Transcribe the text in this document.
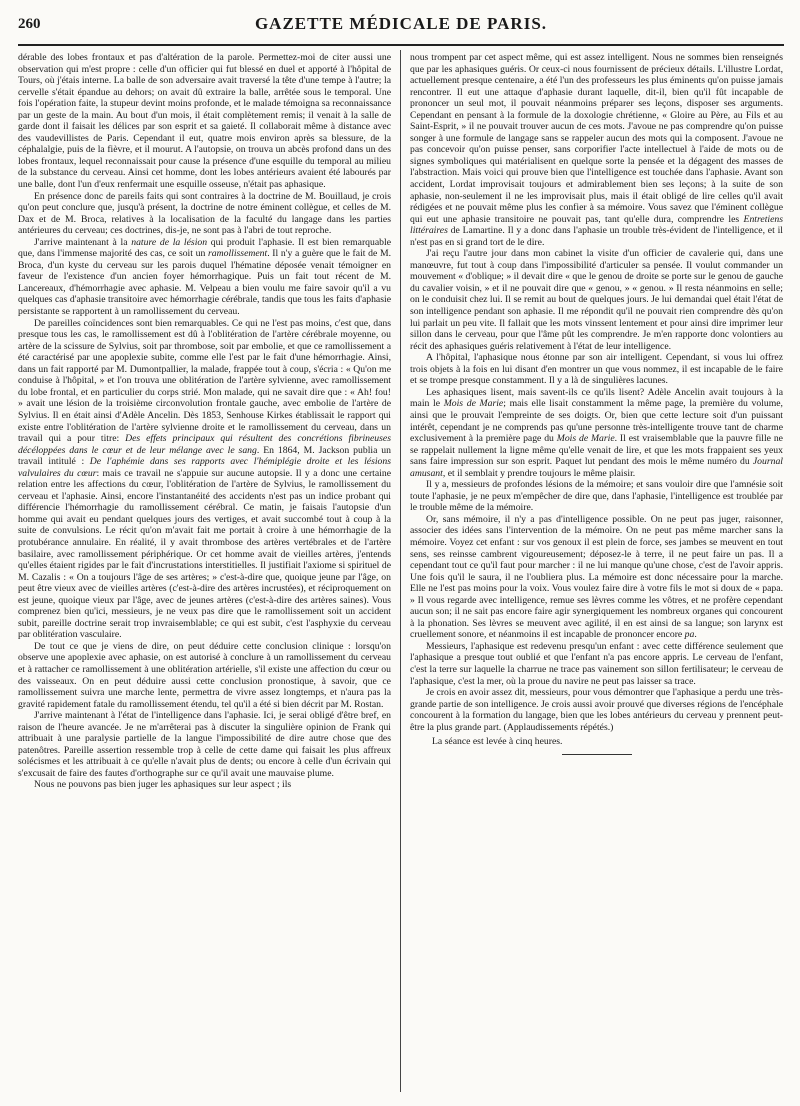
260	GAZETTE MÉDICALE DE PARIS.

dérable des lobes frontaux et pas d'altération de la parole. Permettez-moi de citer aussi une observation qui m'est propre : celle d'un officier qui fut blessé en duel et apporté à l'hôpital de Tours, où j'étais interne. La balle de son adversaire avait traversé la tête d'une tempe à l'autre; la cervelle s'était épandue au dehors; on avait dû extraire la balle, arrêtée sous le temporal. Une fois l'opération faite, la stupeur devint moins profonde, et le malade témoigna sa reconnaissance par un geste de la main. Au bout d'un mois, il était complètement remis; il venait à la salle de garde dont il faisait les délices par son esprit et sa gaieté. Il collaborait même à distance avec des vaudevillistes de Paris. Cependant il eut, quatre mois environ après sa blessure, de la céphalalgie, puis de la fièvre, et il mourut. A l'autopsie, on trouva un abcès profond dans un des lobes frontaux, lequel reconnaissait pour cause la présence d'une esquille du temporal au milieu de la substance du cerveau. Ainsi cet homme, dont les lobes antérieurs avaient été labourés par une balle, dont l'un d'eux renfermait une esquille osseuse, n'était pas aphasique.

En présence donc de pareils faits qui sont contraires à la doctrine de M. Bouillaud, je crois qu'on peut conclure que, jusqu'à présent, la doctrine de notre éminent collègue, et celles de M. Dax et de M. Broca, relatives à la localisation de la faculté du langage dans les parties antérieures du cerveau; ces doctrines, dis-je, ne sont pas à l'abri de tout reproche.

J'arrive maintenant à la nature de la lésion qui produit l'aphasie. Il est bien remarquable que, dans l'immense majorité des cas, ce soit un ramollissement. Il n'y a guère que le fait de M. Broca, d'un kyste du cerveau sur les parois duquel l'hématine déposée venait témoigner en faveur de l'existence d'un ancien foyer hémorrhagique. Puis un fait tout récent de M. Lancereaux, d'hémorrhagie avec aphasie. M. Velpeau a bien voulu me faire savoir qu'il a vu quelques cas d'aphasie transitoire avec hémorrhagie cérébrale, tandis que tous les faits d'aphasie persistante se rapportent à un ramollissement du cerveau.

De pareilles coïncidences sont bien remarquables. Ce qui ne l'est pas moins, c'est que, dans presque tous les cas, le ramollissement est dû à l'oblitération de l'artère cérébrale moyenne, ou artère de la scissure de Sylvius, soit par thrombose, soit par embolie, et que ce ramollissement a été caractérisé par une apoplexie subite, comme elle l'est par le fait d'une hémorrhagie. Ainsi, dans un fait rapporté par M. Dumontpallier, la malade, frappée tout à coup, s'écria : « Qu'on me conduise à l'hôpital, » et l'on trouva une oblitération de l'artère sylvienne, avec ramollissement du lobe frontal, et en particulier du corps strié. Mon malade, qui ne savait dire que : « Ah! fou! » avait une lésion de la troisième circonvolution frontale gauche, avec embolie de l'artère de Sylvius. Il en était ainsi d'Adèle Ancelin. Dès 1853, Senhouse Kirkes établissait le rapport qui existe entre l'oblitération de l'artère sylvienne droite et le ramollissement du cerveau, dans un travail qui a pour titre: Des effets principaux qui résultent des concrétions fibrineuses décéloppées dans le cœur et de leur mélange avec le sang. En 1864, M. Jackson publia un travail intitulé : De l'aphémie dans ses rapports avec l'hémiplégie droite et les lésions valvulaires du cœur: mais ce travail ne s'appuie sur aucune autopsie. Il y a donc une certaine relation entre les affections du cœur, l'oblitération de l'artère de Sylvius, le ramollissement du cerveau et l'aphasie. Ainsi, encore l'instantanéité des accidents n'est pas un indice probant qui différencie l'hémorrhagie du ramollissement cérébral. Ce matin, je faisais l'autopsie d'un homme qui avait eu pendant quelques jours des vertiges, et avait succombé tout à coup à la suite de convulsions. Le récit qu'on m'avait fait me portait à croire à une hémorrhagie de la protubérance annulaire. En réalité, il y avait thrombose des artères vertébrales et de l'artère basilaire, avec ramollissement périphérique. Or cet homme avait de vieilles artères, j'entends qu'elles étaient rigides par le fait d'incrustations interstitielles. Il justifiait l'axiome si spirituel de M. Cazalis : « On a toujours l'âge de ses artères; » c'est-à-dire que, quoique jeune par l'âge, on peut être vieux avec de vieilles artères (c'est-à-dire des artères incrustées), et réciproquement on est jeune, quoique vieux par l'âge, avec de jeunes artères (c'est-à-dire des artères saines). Vous comprenez bien qu'ici, messieurs, je ne veux pas dire que le ramollissement soit un accident subit, pareille doctrine serait trop invraisemblable; ce qui est subit, c'est l'asphyxie du cerveau par oblitération vasculaire.

De tout ce que je viens de dire, on peut déduire cette conclusion clinique : lorsqu'on observe une apoplexie avec aphasie, on est autorisé à conclure à un ramollissement du cerveau et à rattacher ce ramollissement à une oblitération artérielle, s'il existe une affection du cœur ou des vaisseaux. On en peut déduire aussi cette conclusion pronostique, à savoir, que ce ramollissement suivra une marche lente, permettra de vivre assez longtemps, et n'aura pas la gravité rapidement fatale du ramollissement étendu, tel qu'il a été si bien décrit par M. Rostan.

J'arrive maintenant à l'état de l'intelligence dans l'aphasie. Ici, je serai obligé d'être bref, en raison de l'heure avancée. Je ne m'arrêterai pas à discuter la singulière opinion de Frank qui attribuait à une paralysie partielle de la langue l'impossibilité de dire autre chose que des patenôtres. Pareille assertion ressemble trop à celle de cette dame qui faisait les plus affreux solécismes et les attribuait à ce qu'elle n'avait plus de dents; ou encore à celle d'un écrivain qui s'excusait de faire des fautes d'orthographe sur ce qu'il avait une mauvaise plume.

Nous ne pouvons pas bien juger les aphasiques sur leur aspect ; ils

nous trompent par cet aspect même, qui est assez intelligent. Nous ne sommes bien renseignés que par les aphasiques guéris. Or ceux-ci nous fournissent de précieux détails. L'illustre Lordat, actuellement presque centenaire, a été l'un des professeurs les plus éminents qu'on puisse jamais rencontrer. Il eut une attaque d'aphasie durant laquelle, dit-il, bien qu'il fût incapable de prononcer un seul mot, il pouvait néanmoins préparer ses leçons, disposer ses arguments. Cependant en pensant à la formule de la doxologie chrétienne, « Gloire au Père, au Fils et au Saint-Esprit, » il ne pouvait trouver aucun de ces mots. J'avoue ne pas comprendre qu'on puisse songer à une formule de langage sans se rappeler aucun des mots qui la composent. J'avoue ne pas concevoir qu'on puisse penser, sans corporifier l'acte intellectuel à l'aide de mots ou de signes symboliques qui matérialisent en quelque sorte la pensée et la dégagent des masses de l'abstraction. Mais voici qui prouve bien que l'intelligence est touchée dans l'aphasie. Avant son accident, Lordat improvisait toujours et admirablement bien ses leçons; à la suite de son aphasie, non-seulement il ne les improvisait plus, mais il était obligé de lire celles qu'il avait rédigées et ne pouvait même plus les confier à sa mémoire. Vous savez que l'éminent collègue qui eut une aphasie transitoire ne pouvait pas, tant qu'elle dura, comprendre les Entretiens littéraires de Lamartine. Il y a donc dans l'aphasie un trouble très-évident de l'intelligence, et il n'est pas en si grand tort de le dire.

J'ai reçu l'autre jour dans mon cabinet la visite d'un officier de cavalerie qui, dans une manœuvre, fut tout à coup dans l'impossibilité d'articuler sa pensée. Il voulut commander un mouvement « d'oblique; » il devait dire « que le genou de droite se porte sur le genou de gauche du cavalier voisin, » et il ne pouvait dire que « genou, » « genou. » Il resta néanmoins en selle; on le conduisit chez lui. Il se remit au bout de quelques jours. Je lui demandai quel était l'état de son intelligence pendant son aphasie. Il me répondit qu'il ne pouvait rien comprendre dès qu'on lui parlait un peu vite. Il fallait que les mots vinssent lentement et pour ainsi dire imprimer leur sillon dans le cerveau, pour que l'âme pût les comprendre. Je m'en rapporte donc volontiers au récit des aphasiques guéris relativement à l'état de leur intelligence.

A l'hôpital, l'aphasique nous étonne par son air intelligent. Cependant, si vous lui offrez trois objets à la fois en lui disant d'en montrer un que vous nommez, il est incapable de le faire et se trompe presque constamment. Il y a là de singulières lacunes.

Les aphasiques lisent, mais savent-ils ce qu'ils lisent? Adèle Ancelin avait toujours à la main le Mois de Marie; mais elle lisait constamment la même page, la première du volume, ainsi que le prouvait l'empreinte de ses doigts. Or, bien que cette lecture soit d'un puissant intérêt, cependant je ne comprends pas qu'une personne très-intelligente trouve tant de charme exclusivement à la première page du Mois de Marie. Il est vraisemblable que la pauvre fille ne se rappelait nullement la ligne même qu'elle venait de lire, et que les mots frappaient ses yeux sans faire impression sur son esprit. Paquet lut pendant des mois le même numéro du Journal amusant, et il semblait y prendre toujours le même plaisir.

Il y a, messieurs de profondes lésions de la mémoire; et sans vouloir dire que l'amnésie soit toute l'aphasie, je ne peux m'empêcher de dire que, dans l'aphasie, l'intelligence est troublée par le trouble même de la mémoire.

Or, sans mémoire, il n'y a pas d'intelligence possible. On ne peut pas juger, raisonner, associer des idées sans l'intervention de la mémoire. On ne peut pas même marcher sans la mémoire. Voyez cet enfant : sur vos genoux il est plein de force, ses jambes se meuvent en tout sens, ses reinsse cambrent vigoureusement; déposez-le à terre, il ne peut faire un pas. Il a cependant tout ce qu'il faut pour marcher : il ne lui manque qu'une chose, c'est de l'avoir appris. Une fois qu'il le saura, il ne l'oubliera plus. La mémoire est donc nécessaire pour la marche. Elle ne l'est pas moins pour la voix. Vous voulez faire dire à votre fils le mot si doux de « papa. » Il vous regarde avec intelligence, remue ses lèvres comme les vôtres, et ne profère cependant aucun son; il ne sait pas encore faire agir synergiquement les nombreux organes qui concourent à la phonation. Ses lèvres se meuvent avec agilité, il en est ainsi de sa langue; son larynx est cruellement sonore, et néanmoins il est incapable de prononcer encore pa.

Messieurs, l'aphasique est redevenu presqu'un enfant : avec cette différence seulement que l'aphasique a presque tout oublié et que l'enfant n'a pas encore appris. Le cerveau de l'enfant, c'est la terre sur laquelle la charrue ne trace pas vainement son sillon fertilisateur; le cerveau de l'aphasique, c'est la mer, où la proue du navire ne peut pas laisser sa trace.

Je crois en avoir assez dit, messieurs, pour vous démontrer que l'aphasique a perdu une très-grande partie de son intelligence. Je crois aussi avoir prouvé que diverses régions de l'encéphale concourent à la formation du langage, bien que les lobes antérieurs du cerveau y prennent peut-être la plus grande part. (Applaudissements répétés.)

La séance est levée à cinq heures.
